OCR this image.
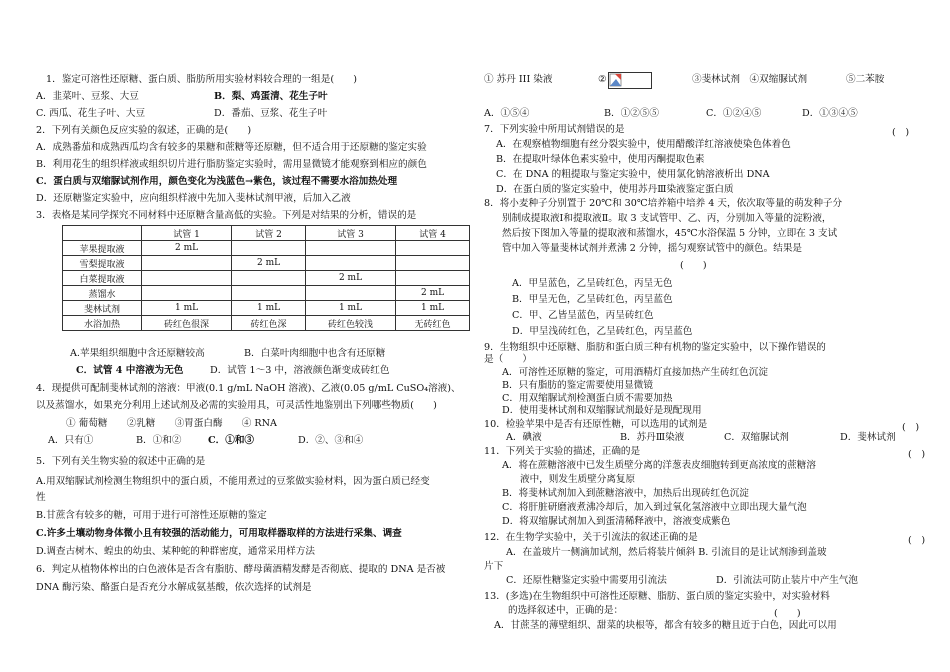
1．鉴定可溶性还原糖、蛋白质、脂肪所用实验材料较合理的一组是(　　)
A．韭菜叶、豆浆、大豆	B．梨、鸡蛋清、花生子叶
C. 西瓜、花生子叶、大豆	D．番茄、豆浆、花生子叶
2．下列有关颜色反应实验的叙述，正确的是(　　)
A．成熟番茄和成熟西瓜均含有较多的果糖和蔗糖等还原糖，但不适合用于还原糖的鉴定实验
B．利用花生的组织样液或组织切片进行脂肪鉴定实验时，需用显微镜才能观察到相应的颜色
C．蛋白质与双缩脲试剂作用，颜色变化为浅蓝色→紫色，该过程不需要水浴加热处理
D．还原糖鉴定实验中，应向组织样液中先加入斐林试剂甲液，后加入乙液
3．表格是某同学探究不同材料中还原糖含量高低的实验。下列是对结果的分析，错误的是
	试管 1	试管 2	试管 3	试管 4
苹果提取液	2 mL			
雪梨提取液		2 mL		
白菜提取液			2 mL	
蒸馏水				2 mL
斐林试剂	1 mL	1 mL	1 mL	1 mL
水浴加热	砖红色很深	砖红色深	砖红色较浅	无砖红色
A.苹果组织细胞中含还原糖较高	B．白菜叶肉细胞中也含有还原糖
C．试管 4 中溶液为无色	D．试管 1～3 中，溶液颜色渐变成砖红色
4．现提供可配制斐林试剂的溶液：甲液(0.1 g/mL NaOH 溶液)、乙液(0.05 g/mL CuSO₄溶液)、
以及蒸馏水，如果充分利用上述试剂及必需的实验用具，可灵活性地鉴别出下列哪些物质(　　)
① 葡萄糖　　②乳糖　　③胃蛋白酶　　④ RNA
A．只有①	B．①和②	C．①和③	D．②、③和④
5．下列有关生物实验的叙述中正确的是
A.用双缩脲试剂检测生物组织中的蛋白质，不能用煮过的豆浆做实验材料，因为蛋白质已经变
性
B.甘蔗含有较多的糖，可用于进行可溶性还原糖的鉴定
C.许多土壤动物身体微小且有较强的活动能力，可用取样器取样的方法进行采集、调查
D.调查古树木、蝗虫的幼虫、某种蛇的种群密度，通常采用样方法
6．判定从植物体榨出的白色液体是否含有脂肪、酵母菌酒精发酵是否彻底、提取的 DNA 是否被
DNA 酶污染、酪蛋白是否充分水解成氨基酸，依次选择的试剂是
① 苏丹 III 染液	②	③斐林试剂　④双缩脲试剂	⑤二苯胺
A．①⑤④	B．①②⑤⑤	C．①②④⑤	D．①③④⑤
7．下列实验中所用试剂错误的是	(　)
A．在观察植物细胞有丝分裂实验中，使用醋酸洋红溶液使染色体着色
B．在提取叶绿体色素实验中，使用丙酮提取色素
C．在 DNA 的粗提取与鉴定实验中，使用氯化钠溶液析出 DNA
D．在蛋白质的鉴定实验中，使用苏丹Ⅲ染液鉴定蛋白质
8．将小麦种子分别置于 20℃和 30℃培养箱中培养 4 天，依次取等量的萌发种子分
别制成提取液Ⅰ和提取液Ⅱ。取 3 支试管甲、乙、丙，分别加入等量的淀粉液，
然后按下图加入等量的提取液和蒸馏水，45℃水浴保温 5 分钟，立即在 3 支试
管中加入等量斐林试剂并煮沸 2 分钟，摇匀观察试管中的颜色。结果是
(　　)
A．甲呈蓝色，乙呈砖红色，丙呈无色
B．甲呈无色，乙呈砖红色，丙呈蓝色
C．甲、乙皆呈蓝色，丙呈砖红色
D．甲呈浅砖红色，乙呈砖红色，丙呈蓝色
9．生物组织中还原糖、脂肪和蛋白质三种有机物的鉴定实验中，以下操作错误的
是（　　）
A．可溶性还原糖的鉴定，可用酒精灯直接加热产生砖红色沉淀
B．只有脂肪的鉴定需要使用显微镜
C．用双缩脲试剂检测蛋白质不需要加热
D．使用斐林试剂和双缩脲试剂最好是现配现用
10．检验苹果中是否有还原性糖，可以选用的试剂是	(　)
A．碘液	B．苏丹Ⅲ染液	C．双缩脲试剂	D．斐林试剂
11．下列关于实验的描述，正确的是	(　)
A．将在蔗糖溶液中已发生质壁分离的洋葱表皮细胞转到更高浓度的蔗糖溶
液中，则发生质壁分离复原
B．将斐林试剂加入到蔗糖溶液中，加热后出现砖红色沉淀
C．将肝脏研磨液煮沸冷却后，加入到过氧化氢溶液中立即出现大量气泡
D．将双缩脲试剂加入到蛋清稀释液中，溶液变成紫色
12．在生物学实验中，关于引流法的叙述正确的是	(　)
A．在盖玻片一侧滴加试剂，然后将装片倾斜 B. 引流目的是让试剂渗到盖玻
片下
C．还原性糖鉴定实验中需要用引流法	D．引流法可防止装片中产生气泡
13．(多选)在生物组织中可溶性还原糖、脂肪、蛋白质的鉴定实验中，对实验材料
的选择叙述中，正确的是：	(　　)
A．甘蔗茎的薄壁组织、甜菜的块根等，都含有较多的糖且近于白色，因此可以用
